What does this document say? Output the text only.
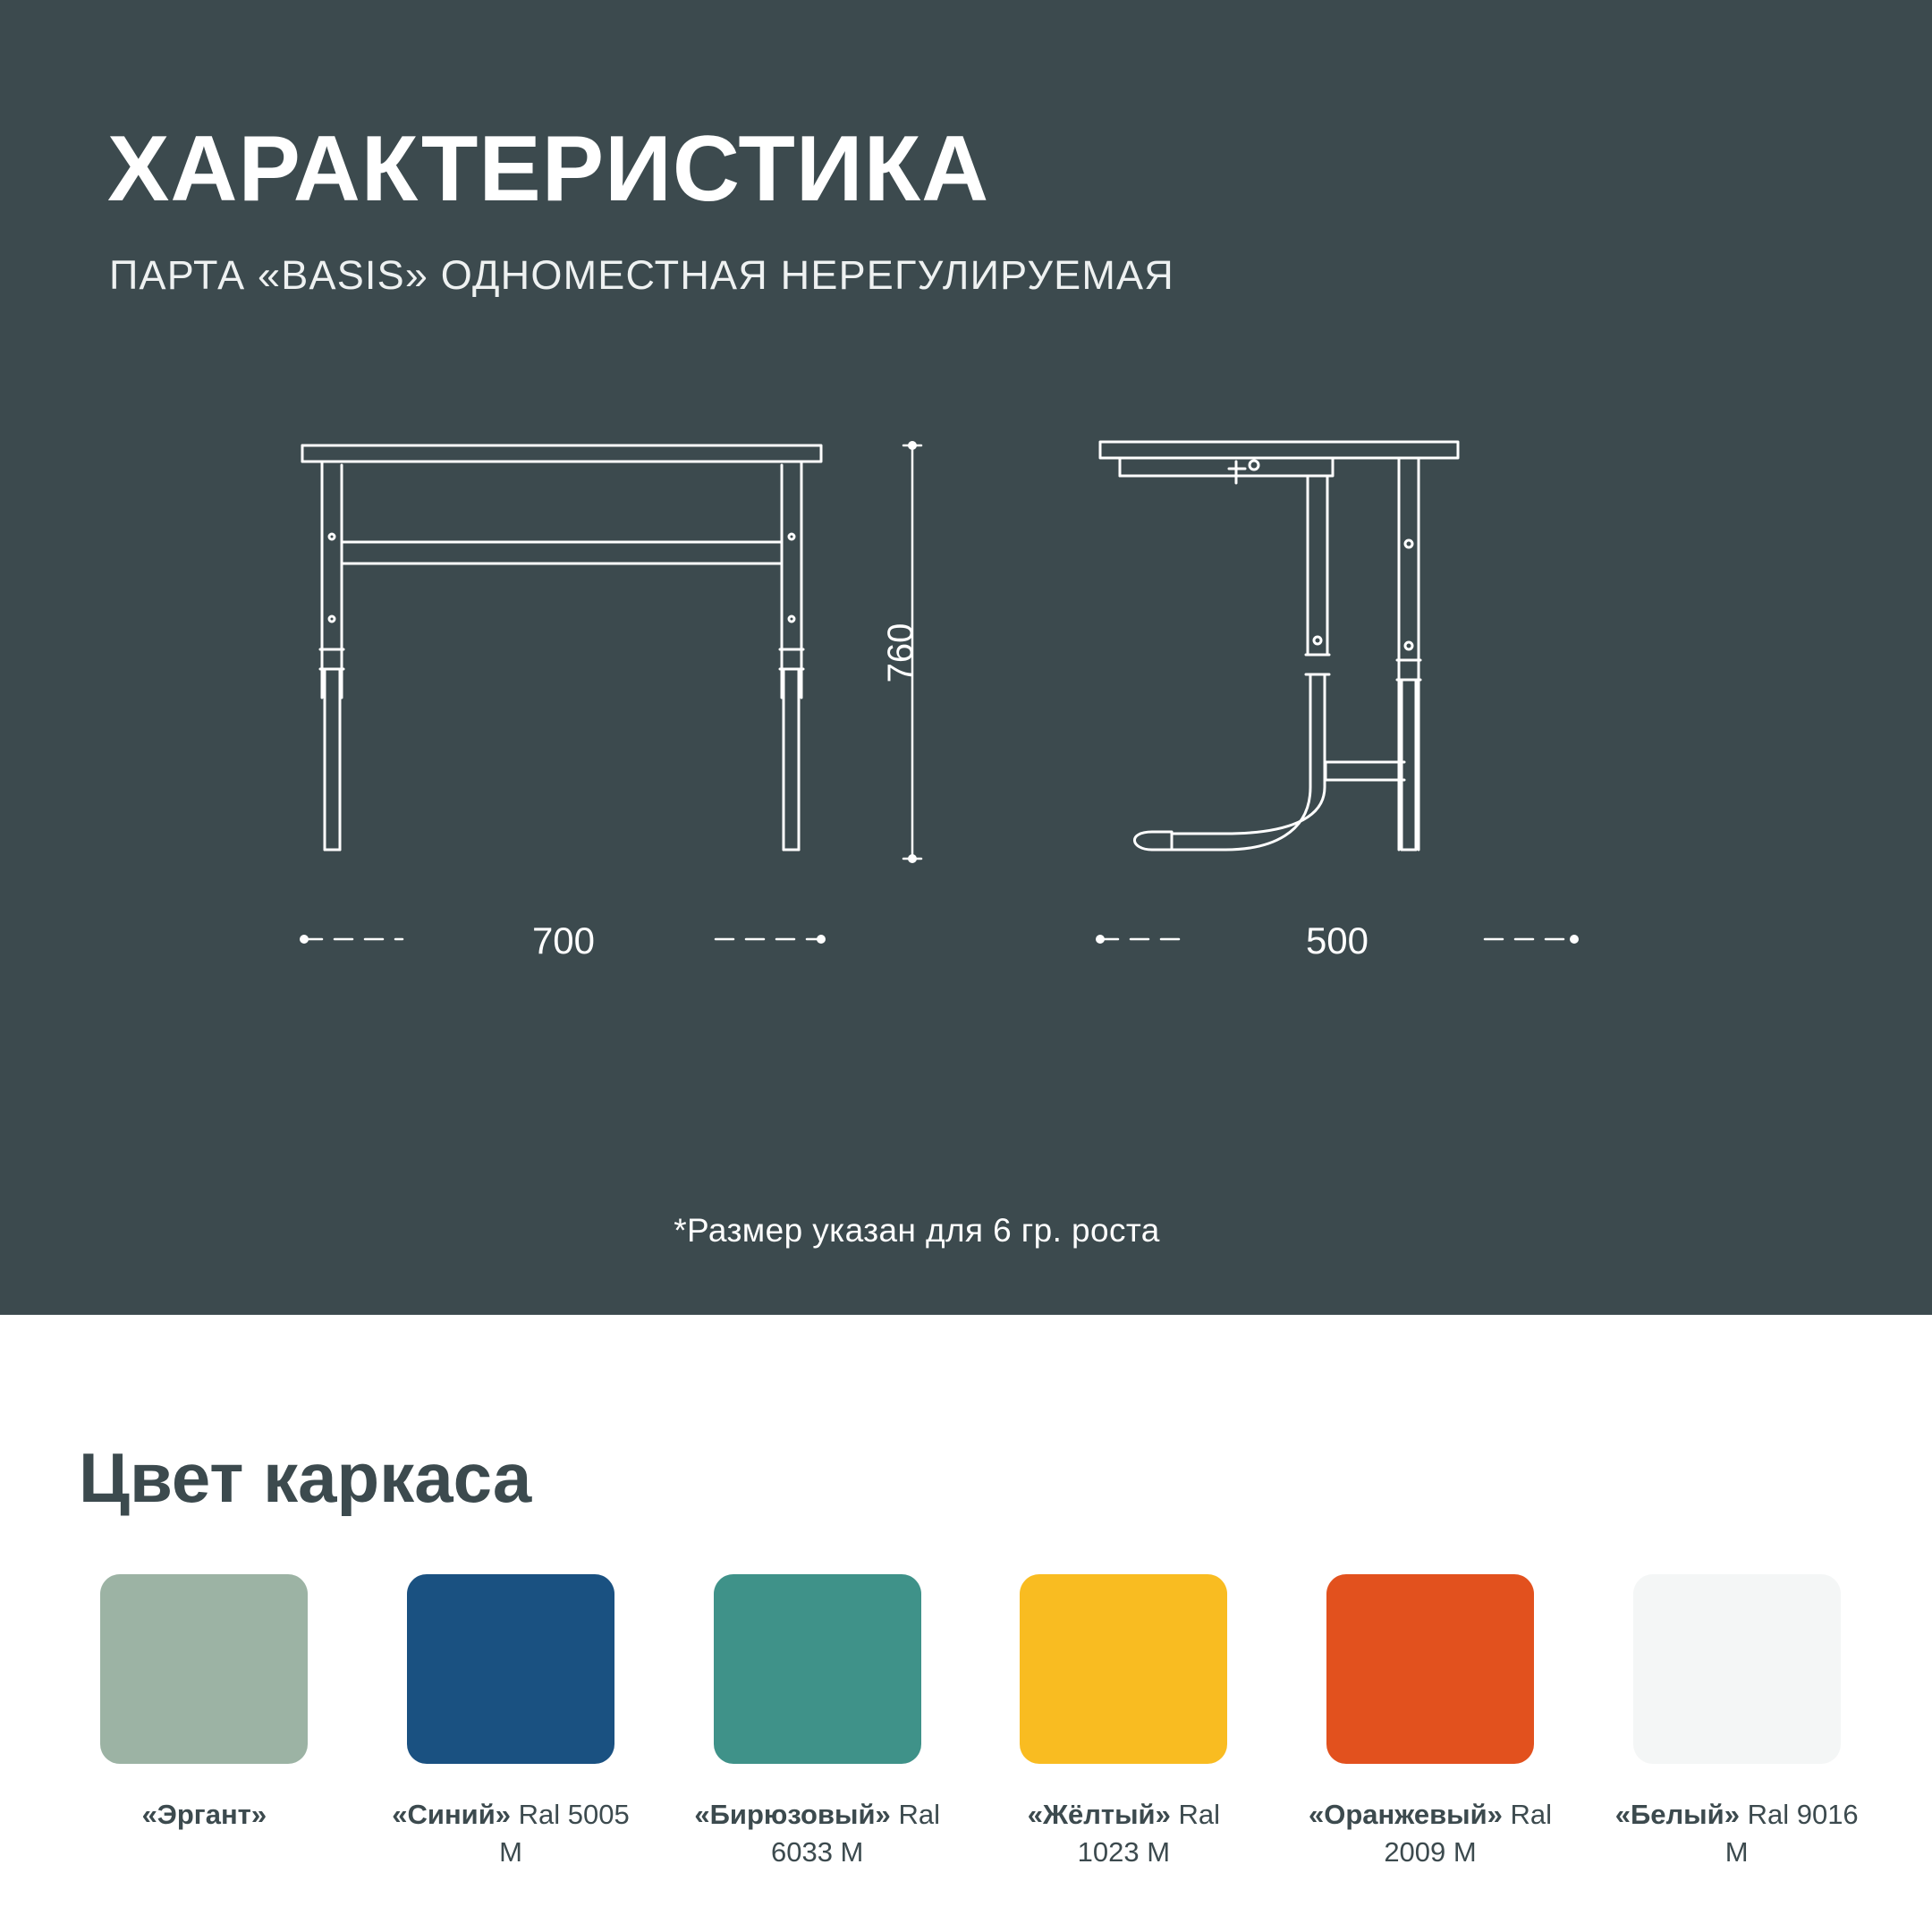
ХАРАКТЕРИСТИКА
ПАРТА «BASIS» ОДНОМЕСТНАЯ НЕРЕГУЛИРУЕМАЯ
760
700	500
*Размер указан для 6 гр. роста
Цвет каркаса
«Эргант»	«Синий» Ral 5005 M
«Бирюзовый» Ral 6033 M
«Жёлтый» Ral 1023 M
«Оранжевый» Ral 2009 M
«Белый» Ral 9016 M
